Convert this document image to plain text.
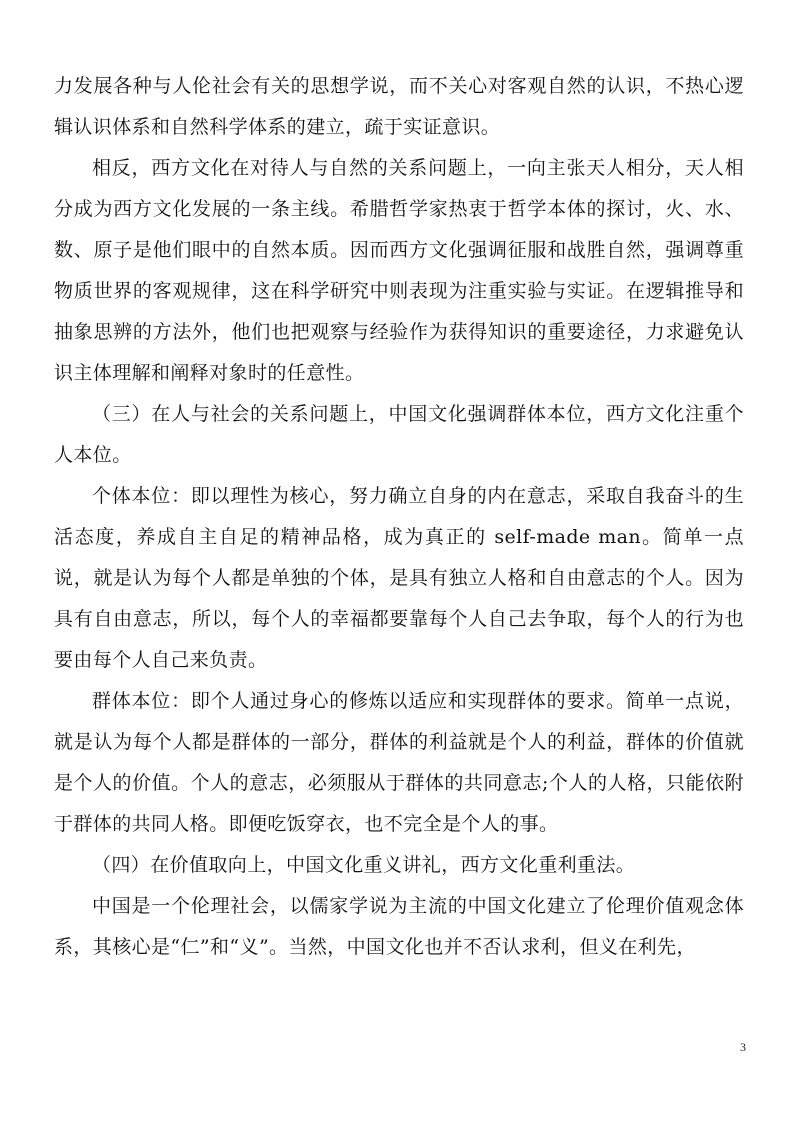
力发展各种与人伦社会有关的思想学说，而不关心对客观自然的认识，不热心逻辑认识体系和自然科学体系的建立，疏于实证意识。

相反，西方文化在对待人与自然的关系问题上，一向主张天人相分，天人相分成为西方文化发展的一条主线。希腊哲学家热衷于哲学本体的探讨，火、水、数、原子是他们眼中的自然本质。因而西方文化强调征服和战胜自然，强调尊重物质世界的客观规律，这在科学研究中则表现为注重实验与实证。在逻辑推导和抽象思辨的方法外，他们也把观察与经验作为获得知识的重要途径，力求避免认识主体理解和阐释对象时的任意性。

（三）在人与社会的关系问题上，中国文化强调群体本位，西方文化注重个人本位。

个体本位：即以理性为核心，努力确立自身的内在意志，采取自我奋斗的生活态度，养成自主自足的精神品格，成为真正的 self-made man。简单一点说，就是认为每个人都是单独的个体，是具有独立人格和自由意志的个人。因为具有自由意志，所以，每个人的幸福都要靠每个人自己去争取，每个人的行为也要由每个人自己来负责。

群体本位：即个人通过身心的修炼以适应和实现群体的要求。简单一点说，就是认为每个人都是群体的一部分，群体的利益就是个人的利益，群体的价值就是个人的价值。个人的意志，必须服从于群体的共同意志;个人的人格，只能依附于群体的共同人格。即便吃饭穿衣，也不完全是个人的事。

（四）在价值取向上，中国文化重义讲礼，西方文化重利重法。

中国是一个伦理社会，以儒家学说为主流的中国文化建立了伦理价值观念体系，其核心是“仁”和“义”。当然，中国文化也并不否认求利，但义在利先，

3
